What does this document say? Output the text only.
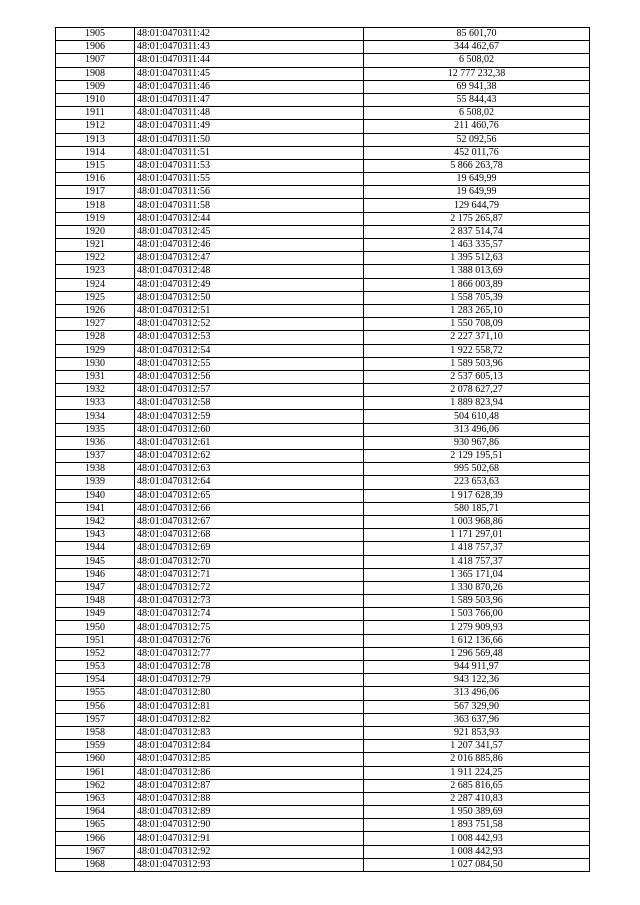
1905	48:01:0470311:42	85 601,70
1906	48:01:0470311:43	344 462,67
1907	48:01:0470311:44	6 508,02
1908	48:01:0470311:45	12 777 232,38
1909	48:01:0470311:46	69 941,38
1910	48:01:0470311:47	55 844,43
1911	48:01:0470311:48	6 508,02
1912	48:01:0470311:49	211 460,76
1913	48:01:0470311:50	52 092,56
1914	48:01:0470311:51	452 011,76
1915	48:01:0470311:53	5 866 263,78
1916	48:01:0470311:55	19 649,99
1917	48:01:0470311:56	19 649,99
1918	48:01:0470311:58	129 644,79
1919	48:01:0470312:44	2 175 265,87
1920	48:01:0470312:45	2 837 514,74
1921	48:01:0470312:46	1 463 335,57
1922	48:01:0470312:47	1 395 512,63
1923	48:01:0470312:48	1 388 013,69
1924	48:01:0470312:49	1 866 003,89
1925	48:01:0470312:50	1 558 705,39
1926	48:01:0470312:51	1 283 265,10
1927	48:01:0470312:52	1 550 708,09
1928	48:01:0470312:53	2 227 371,10
1929	48:01:0470312:54	1 922 558,72
1930	48:01:0470312:55	1 589 503,96
1931	48:01:0470312:56	2 537 605,13
1932	48:01:0470312:57	2 078 627,27
1933	48:01:0470312:58	1 889 823,94
1934	48:01:0470312:59	504 610,48
1935	48:01:0470312:60	313 496,06
1936	48:01:0470312:61	930 967,86
1937	48:01:0470312:62	2 129 195,51
1938	48:01:0470312:63	995 502,68
1939	48:01:0470312:64	223 653,63
1940	48:01:0470312:65	1 917 628,39
1941	48:01:0470312:66	580 185,71
1942	48:01:0470312:67	1 003 968,86
1943	48:01:0470312:68	1 171 297,01
1944	48:01:0470312:69	1 418 757,37
1945	48:01:0470312:70	1 418 757,37
1946	48:01:0470312:71	1 365 171,04
1947	48:01:0470312:72	1 330 870,26
1948	48:01:0470312:73	1 589 503,96
1949	48:01:0470312:74	1 503 766,00
1950	48:01:0470312:75	1 279 909,93
1951	48:01:0470312:76	1 612 136,66
1952	48:01:0470312:77	1 296 569,48
1953	48:01:0470312:78	944 911,97
1954	48:01:0470312:79	943 122,36
1955	48:01:0470312:80	313 496,06
1956	48:01:0470312:81	567 329,90
1957	48:01:0470312:82	363 637,96
1958	48:01:0470312:83	921 853,93
1959	48:01:0470312:84	1 207 341,57
1960	48:01:0470312:85	2 016 885,86
1961	48:01:0470312:86	1 911 224,25
1962	48:01:0470312:87	2 685 816,65
1963	48:01:0470312:88	2 287 410,83
1964	48:01:0470312:89	1 950 389,69
1965	48:01:0470312:90	1 893 751,58
1966	48:01:0470312:91	1 008 442,93
1967	48:01:0470312:92	1 008 442,93
1968	48:01:0470312:93	1 027 084,50
